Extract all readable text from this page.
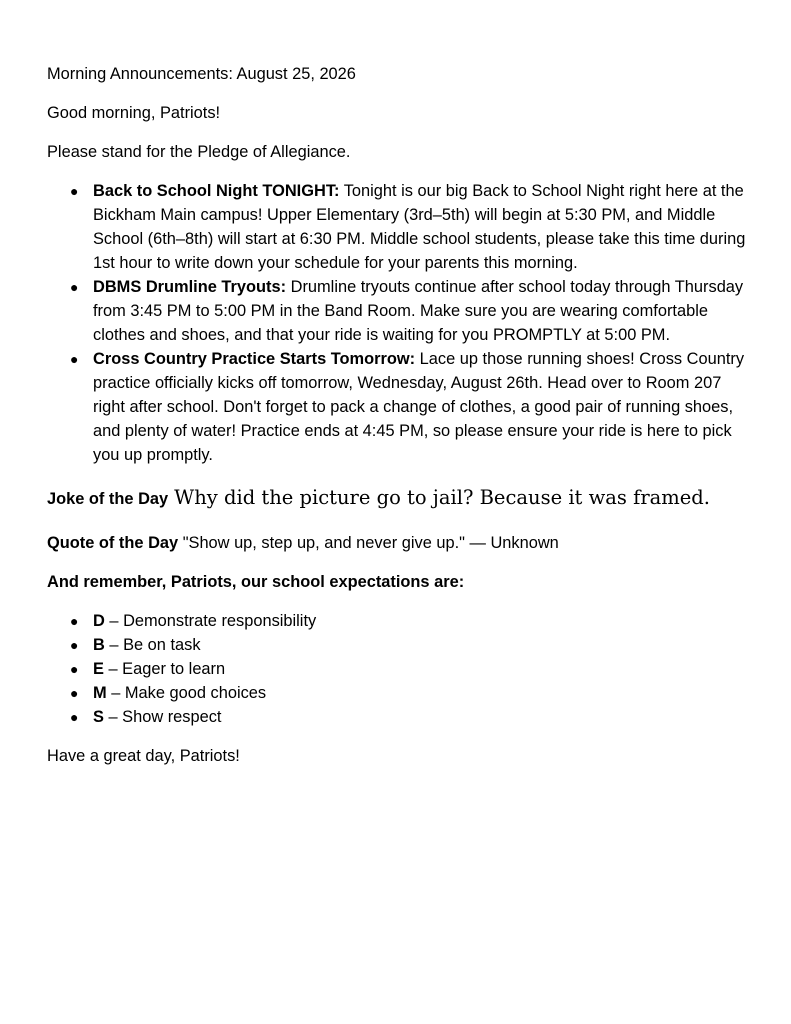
Morning Announcements: August 25, 2026

Good morning, Patriots!

Please stand for the Pledge of Allegiance.

● Back to School Night TONIGHT: Tonight is our big Back to School Night right here at the Bickham Main campus! Upper Elementary (3rd–5th) will begin at 5:30 PM, and Middle School (6th–8th) will start at 6:30 PM. Middle school students, please take this time during 1st hour to write down your schedule for your parents this morning.
● DBMS Drumline Tryouts: Drumline tryouts continue after school today through Thursday from 3:45 PM to 5:00 PM in the Band Room. Make sure you are wearing comfortable clothes and shoes, and that your ride is waiting for you PROMPTLY at 5:00 PM.
● Cross Country Practice Starts Tomorrow: Lace up those running shoes! Cross Country practice officially kicks off tomorrow, Wednesday, August 26th. Head over to Room 207 right after school. Don't forget to pack a change of clothes, a good pair of running shoes, and plenty of water! Practice ends at 4:45 PM, so please ensure your ride is here to pick you up promptly.
Joke of the Day Why did the picture go to jail? Because it was framed.

Quote of the Day "Show up, step up, and never give up." — Unknown

And remember, Patriots, our school expectations are:

● D – Demonstrate responsibility
● B – Be on task
● E – Eager to learn
● M – Make good choices
● S – Show respect

Have a great day, Patriots!
